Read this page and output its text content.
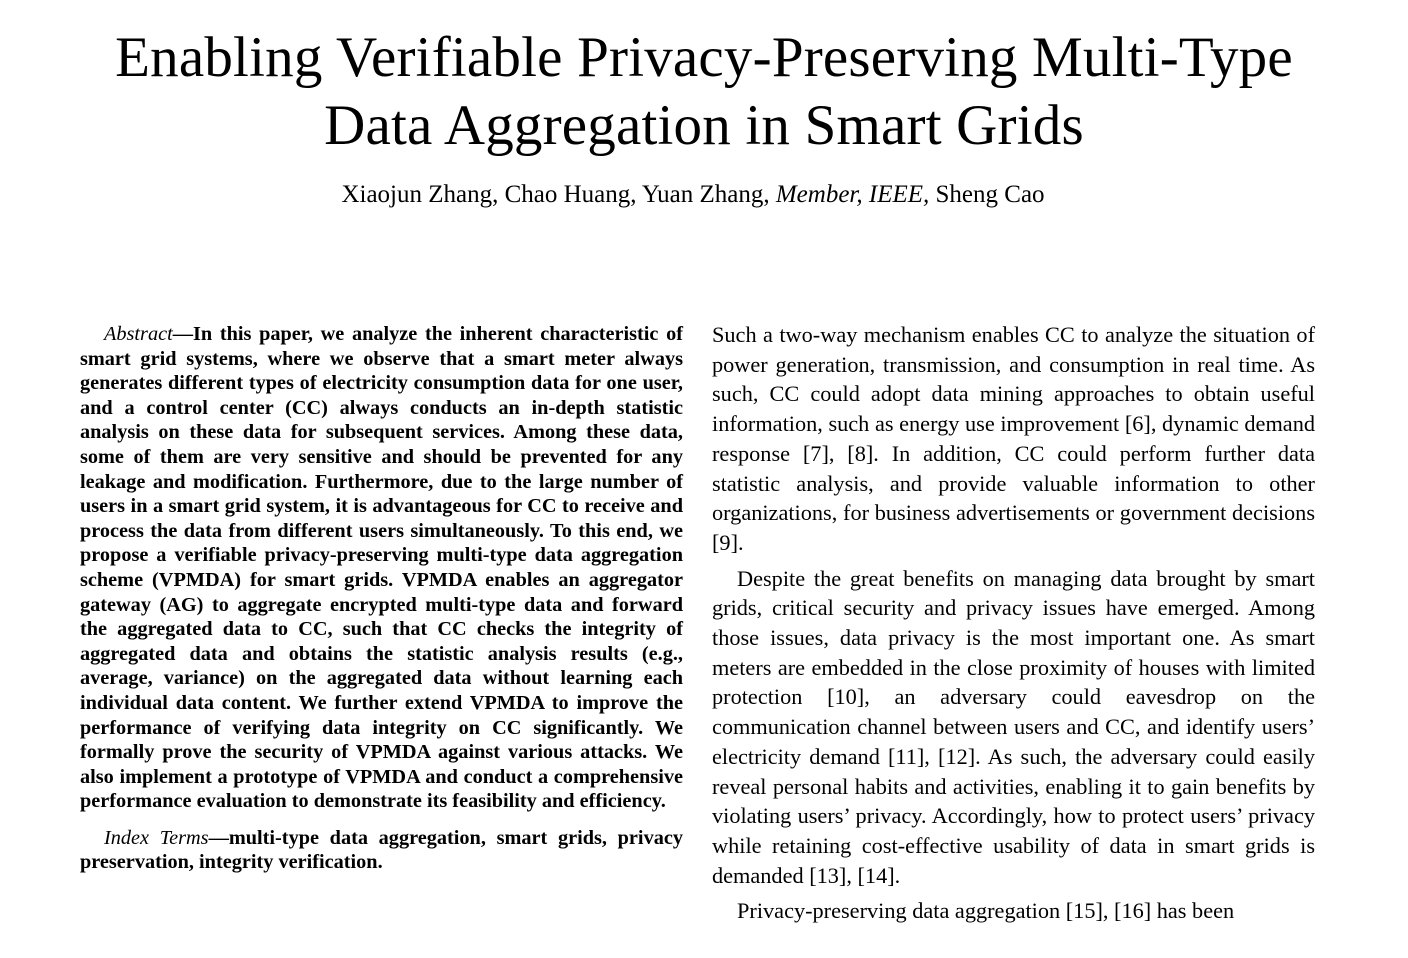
Enabling Verifiable Privacy-Preserving Multi-Type
Data Aggregation in Smart Grids
Xiaojun Zhang, Chao Huang, Yuan Zhang, Member, IEEE, Sheng Cao

Abstract—In this paper, we analyze the inherent characteristic of smart grid systems, where we observe that a smart meter always generates different types of electricity consumption data for one user, and a control center (CC) always conducts an in-depth statistic analysis on these data for subsequent services. Among these data, some of them are very sensitive and should be prevented for any leakage and modification. Furthermore, due to the large number of users in a smart grid system, it is advantageous for CC to receive and process the data from different users simultaneously. To this end, we propose a verifiable privacy-preserving multi-type data aggregation scheme (VPMDA) for smart grids. VPMDA enables an aggregator gateway (AG) to aggregate encrypted multi-type data and forward the aggregated data to CC, such that CC checks the integrity of aggregated data and obtains the statistic analysis results (e.g., average, variance) on the aggregated data without learning each individual data content. We further extend VPMDA to improve the performance of verifying data integrity on CC significantly. We formally prove the security of VPMDA against various attacks. We also implement a prototype of VPMDA and conduct a comprehensive performance evaluation to demonstrate its feasibility and efficiency.

Index Terms—multi-type data aggregation, smart grids, privacy preservation, integrity verification.

Such a two-way mechanism enables CC to analyze the situation of power generation, transmission, and consumption in real time. As such, CC could adopt data mining approaches to obtain useful information, such as energy use improvement [6], dynamic demand response [7], [8]. In addition, CC could perform further data statistic analysis, and provide valuable information to other organizations, for business advertisements or government decisions [9].

Despite the great benefits on managing data brought by smart grids, critical security and privacy issues have emerged. Among those issues, data privacy is the most important one. As smart meters are embedded in the close proximity of houses with limited protection [10], an adversary could eavesdrop on the communication channel between users and CC, and identify users’ electricity demand [11], [12]. As such, the adversary could easily reveal personal habits and activities, enabling it to gain benefits by violating users’ privacy. Accordingly, how to protect users’ privacy while retaining cost-effective usability of data in smart grids is demanded [13], [14].

Privacy-preserving data aggregation [15], [16] has been
